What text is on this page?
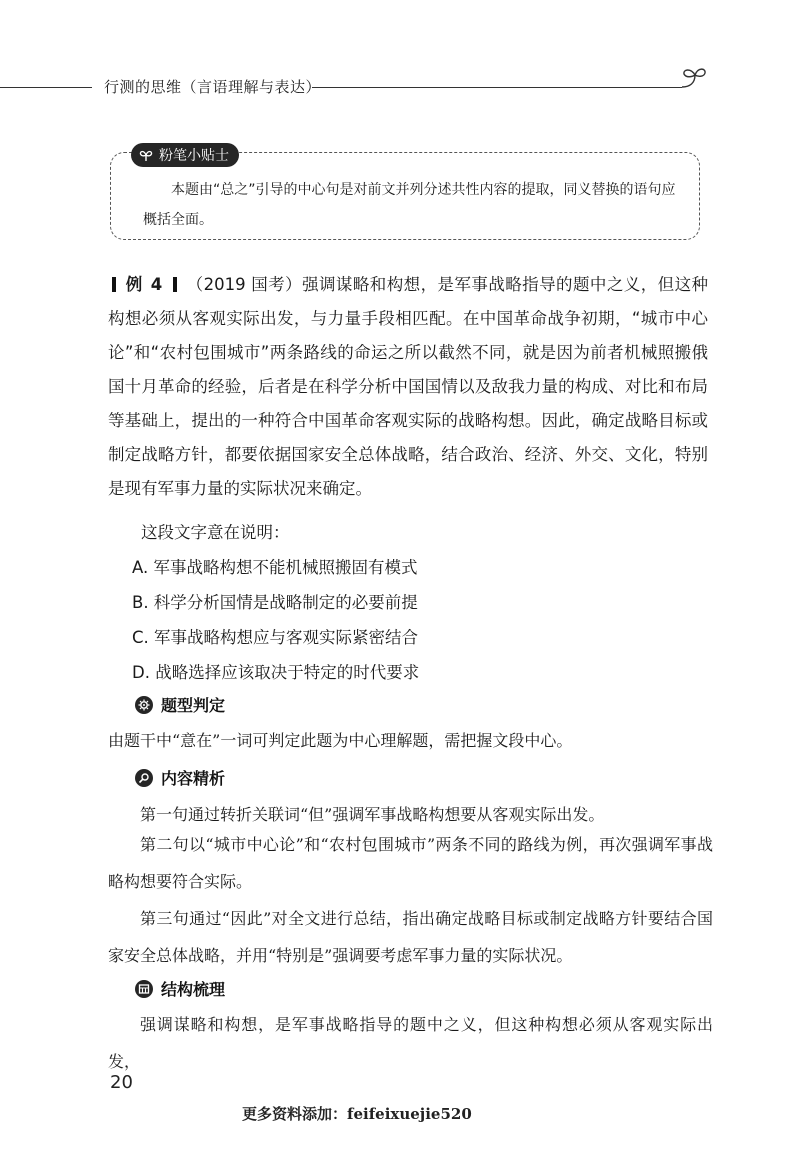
行测的思维（言语理解与表达）
粉笔小贴士
本题由“总之”引导的中心句是对前文并列分述共性内容的提取，同义替换的语句应概括全面。
例 4 （2019 国考）强调谋略和构想，是军事战略指导的题中之义，但这种构想必须从客观实际出发，与力量手段相匹配。在中国革命战争初期，“城市中心论”和“农村包围城市”两条路线的命运之所以截然不同，就是因为前者机械照搬俄国十月革命的经验，后者是在科学分析中国国情以及敌我力量的构成、对比和布局等基础上，提出的一种符合中国革命客观实际的战略构想。因此，确定战略目标或制定战略方针，都要依据国家安全总体战略，结合政治、经济、外交、文化，特别是现有军事力量的实际状况来确定。
这段文字意在说明：
A. 军事战略构想不能机械照搬固有模式
B. 科学分析国情是战略制定的必要前提
C. 军事战略构想应与客观实际紧密结合
D. 战略选择应该取决于特定的时代要求
题型判定
由题干中“意在”一词可判定此题为中心理解题，需把握文段中心。
内容精析
第一句通过转折关联词“但”强调军事战略构想要从客观实际出发。
第二句以“城市中心论”和“农村包围城市”两条不同的路线为例，再次强调军事战略构想要符合实际。
第三句通过“因此”对全文进行总结，指出确定战略目标或制定战略方针要结合国家安全总体战略，并用“特别是”强调要考虑军事力量的实际状况。
结构梳理
强调谋略和构想，是军事战略指导的题中之义，但这种构想必须从客观实际出发，
20
更多资料添加：feifeixuejie520
